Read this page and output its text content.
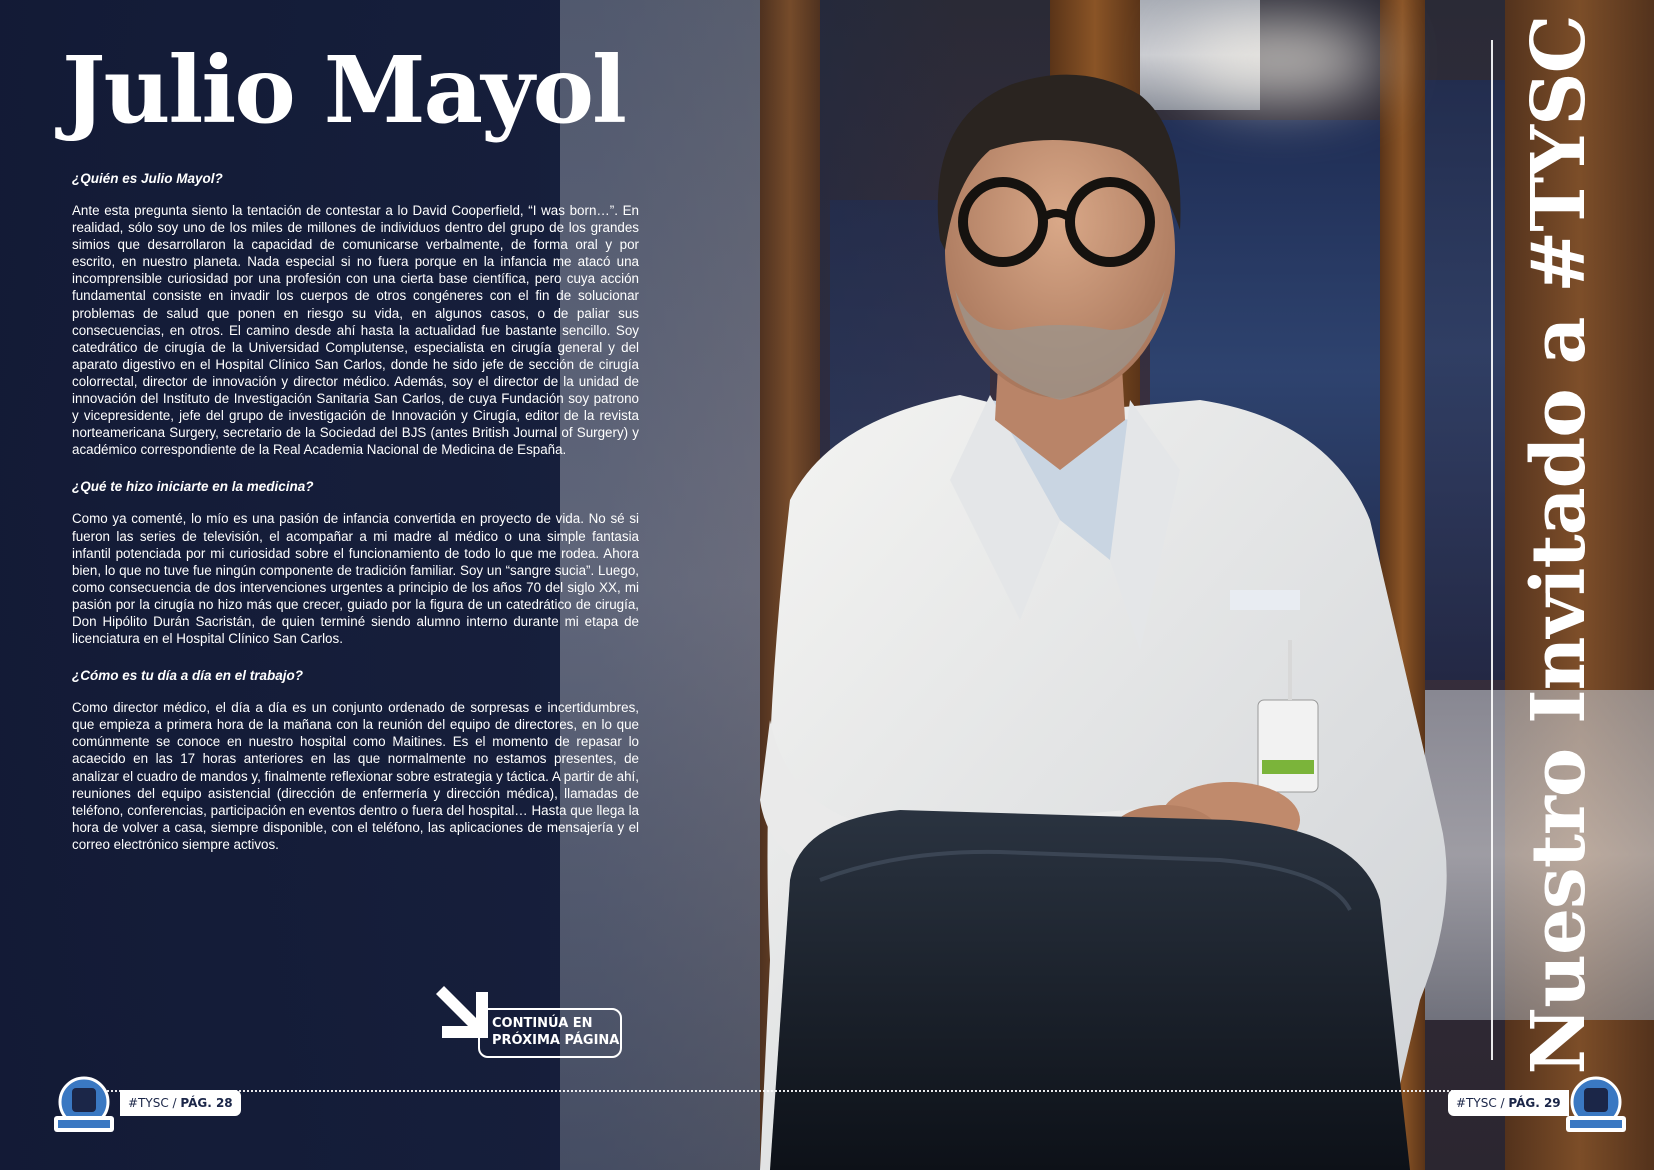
Julio Mayol

¿Quién es Julio Mayol?

Ante esta pregunta siento la tentación de contestar a lo David Cooperfield, “I was born…”. En realidad, sólo soy uno de los miles de millones de individuos dentro del grupo de los grandes simios que desarrollaron la capacidad de comunicarse verbalmente, de forma oral y por escrito, en nuestro planeta. Nada especial si no fuera porque en la infancia me atacó una incomprensible curiosidad por una profesión con una cierta base científica, pero cuya acción fundamental consiste en invadir los cuerpos de otros congéneres con el fin de solucionar problemas de salud que ponen en riesgo su vida, en algunos casos, o de paliar sus consecuencias, en otros. El camino desde ahí hasta la actualidad fue bastante sencillo. Soy catedrático de cirugía de la Universidad Complutense, especialista en cirugía general y del aparato digestivo en el Hospital Clínico San Carlos, donde he sido jefe de sección de cirugía colorrectal, director de innovación y director médico. Además, soy el director de la unidad de innovación del Instituto de Investigación Sanitaria San Carlos, de cuya Fundación soy patrono y vicepresidente, jefe del grupo de investigación de Innovación y Cirugía, editor de la revista norteamericana Surgery, secretario de la Sociedad del BJS (antes British Journal of Surgery) y académico correspondiente de la Real Academia Nacional de Medicina de España.

¿Qué te hizo iniciarte en la medicina?

Como ya comenté, lo mío es una pasión de infancia convertida en proyecto de vida. No sé si fueron las series de televisión, el acompañar a mi madre al médico o una simple fantasia infantil potenciada por mi curiosidad sobre el funcionamiento de todo lo que me rodea. Ahora bien, lo que no tuve fue ningún componente de tradición familiar. Soy un “sangre sucia”. Luego, como consecuencia de dos intervenciones urgentes a principio de los años 70 del siglo XX, mi pasión por la cirugía no hizo más que crecer, guiado por la figura de un catedrático de cirugía, Don Hipólito Durán Sacristán, de quien terminé siendo alumno interno durante mi etapa de licenciatura en el Hospital Clínico San Carlos.

¿Cómo es tu día a día en el trabajo?

Como director médico, el día a día es un conjunto ordenado de sorpresas e incertidumbres, que empieza a primera hora de la mañana con la reunión del equipo de directores, en lo que comúnmente se conoce en nuestro hospital como Maitines. Es el momento de repasar lo acaecido en las 17 horas anteriores en las que normalmente no estamos presentes, de analizar el cuadro de mandos y, finalmente reflexionar sobre estrategia y táctica. A partir de ahí, reuniones del equipo asistencial (dirección de enfermería y dirección médica), llamadas de teléfono, conferencias, participación en eventos dentro o fuera del hospital… Hasta que llega la hora de volver a casa, siempre disponible, con el teléfono, las aplicaciones de mensajería y el correo electrónico siempre activos.

CONTINÚA EN
PRÓXIMA PÁGINA	Nuestro Invitado a #TYSC
#TYSC / PÁG. 28	#TYSC / PÁG. 29
